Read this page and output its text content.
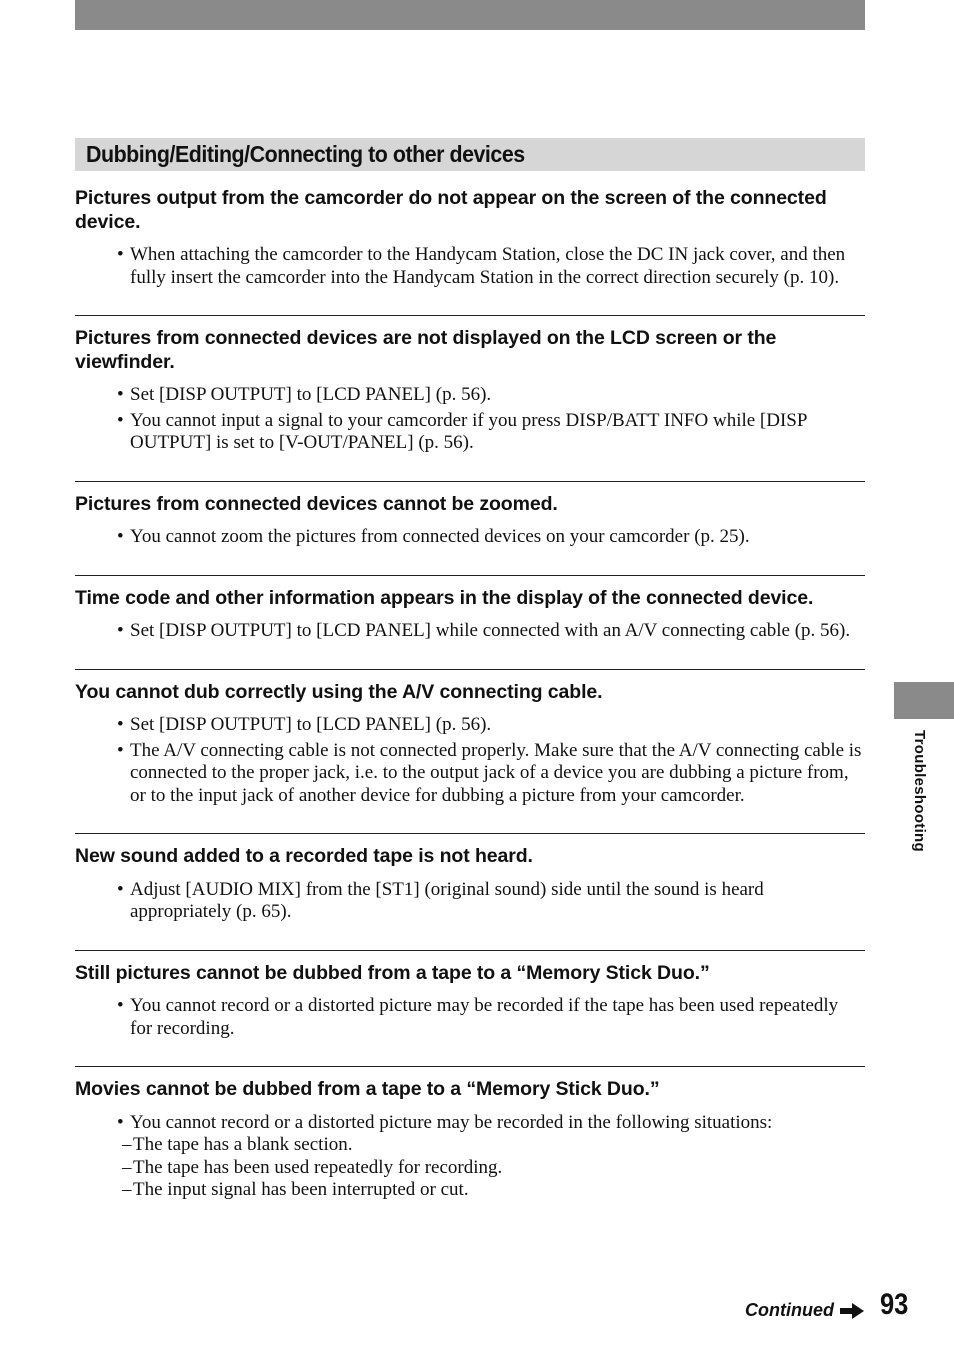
Dubbing/Editing/Connecting to other devices
Pictures output from the camcorder do not appear on the screen of the connected device.
• When attaching the camcorder to the Handycam Station, close the DC IN jack cover, and then fully insert the camcorder into the Handycam Station in the correct direction securely (p. 10).
Pictures from connected devices are not displayed on the LCD screen or the viewfinder.
• Set [DISP OUTPUT] to [LCD PANEL] (p. 56).
• You cannot input a signal to your camcorder if you press DISP/BATT INFO while [DISP OUTPUT] is set to [V-OUT/PANEL] (p. 56).
Pictures from connected devices cannot be zoomed.
• You cannot zoom the pictures from connected devices on your camcorder (p. 25).
Time code and other information appears in the display of the connected device.
• Set [DISP OUTPUT] to [LCD PANEL] while connected with an A/V connecting cable (p. 56).
You cannot dub correctly using the A/V connecting cable.
• Set [DISP OUTPUT] to [LCD PANEL] (p. 56).
• The A/V connecting cable is not connected properly. Make sure that the A/V connecting cable is connected to the proper jack, i.e. to the output jack of a device you are dubbing a picture from, or to the input jack of another device for dubbing a picture from your camcorder.
New sound added to a recorded tape is not heard.
• Adjust [AUDIO MIX] from the [ST1] (original sound) side until the sound is heard appropriately (p. 65).
Still pictures cannot be dubbed from a tape to a “Memory Stick Duo.”
• You cannot record or a distorted picture may be recorded if the tape has been used repeatedly for recording.
Movies cannot be dubbed from a tape to a “Memory Stick Duo.”
• You cannot record or a distorted picture may be recorded in the following situations:
– The tape has a blank section.
– The tape has been used repeatedly for recording.
– The input signal has been interrupted or cut.
Troubleshooting
Continued 93
